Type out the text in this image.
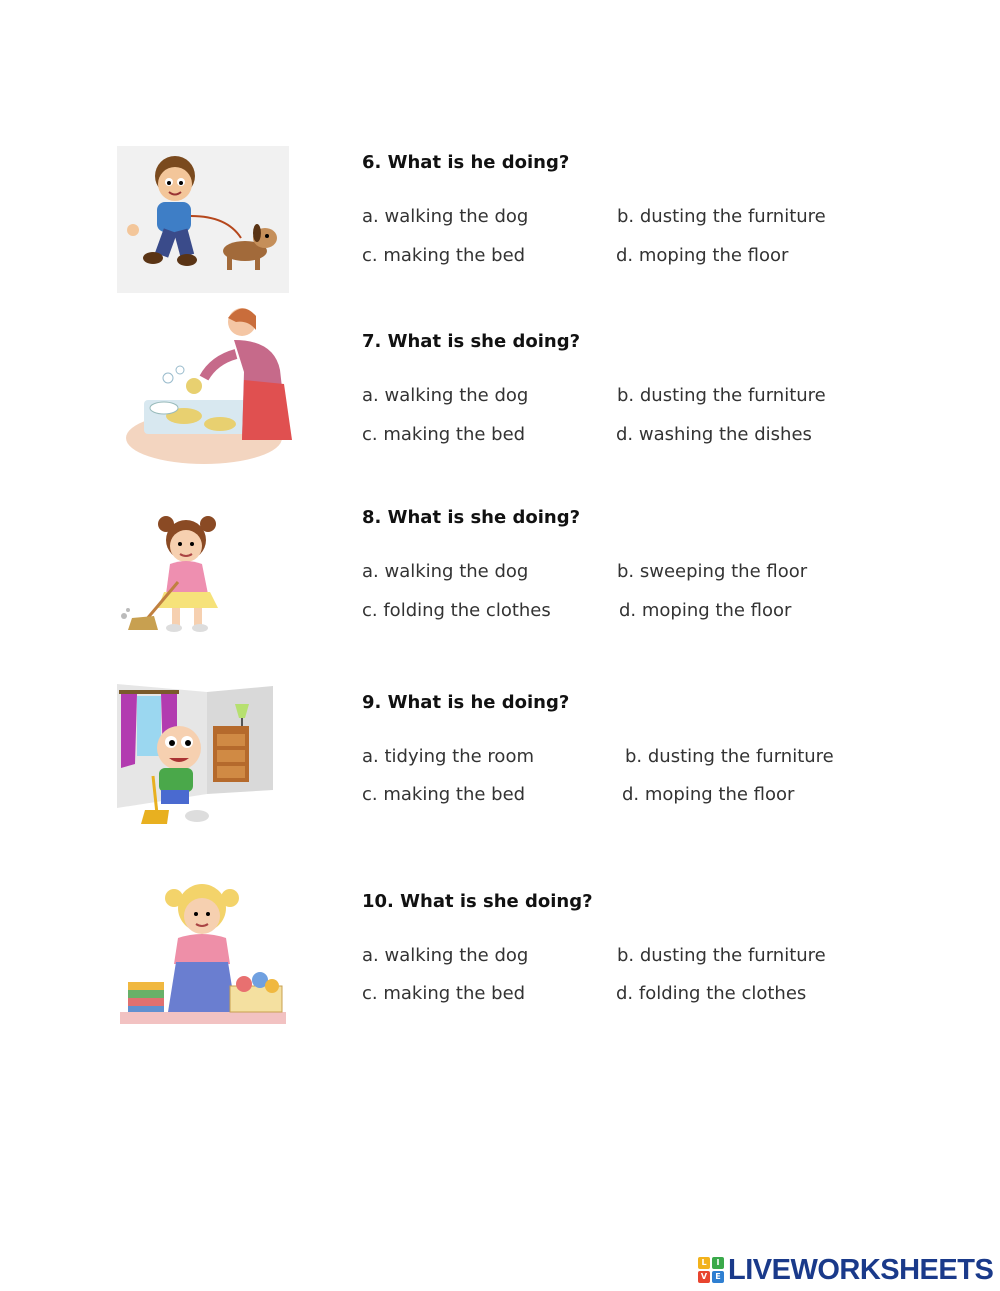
6. What is he doing?
a. walking the dog	b. dusting the furniture
c. making the bed	d. moping the floor
7. What is she doing?
a. walking the dog	b. dusting the furniture
c. making the bed	d. washing the dishes
8. What is she doing?
a. walking the dog	b. sweeping the floor
c. folding the clothes	d. moping the floor
9. What is he doing?
a. tidying the room	b. dusting the furniture
c. making the bed	d. moping the floor
10. What is she doing?
a. walking the dog	b. dusting the furniture
c. making the bed	d. folding the clothes
L	I
V	E LIVEWORKSHEETS
